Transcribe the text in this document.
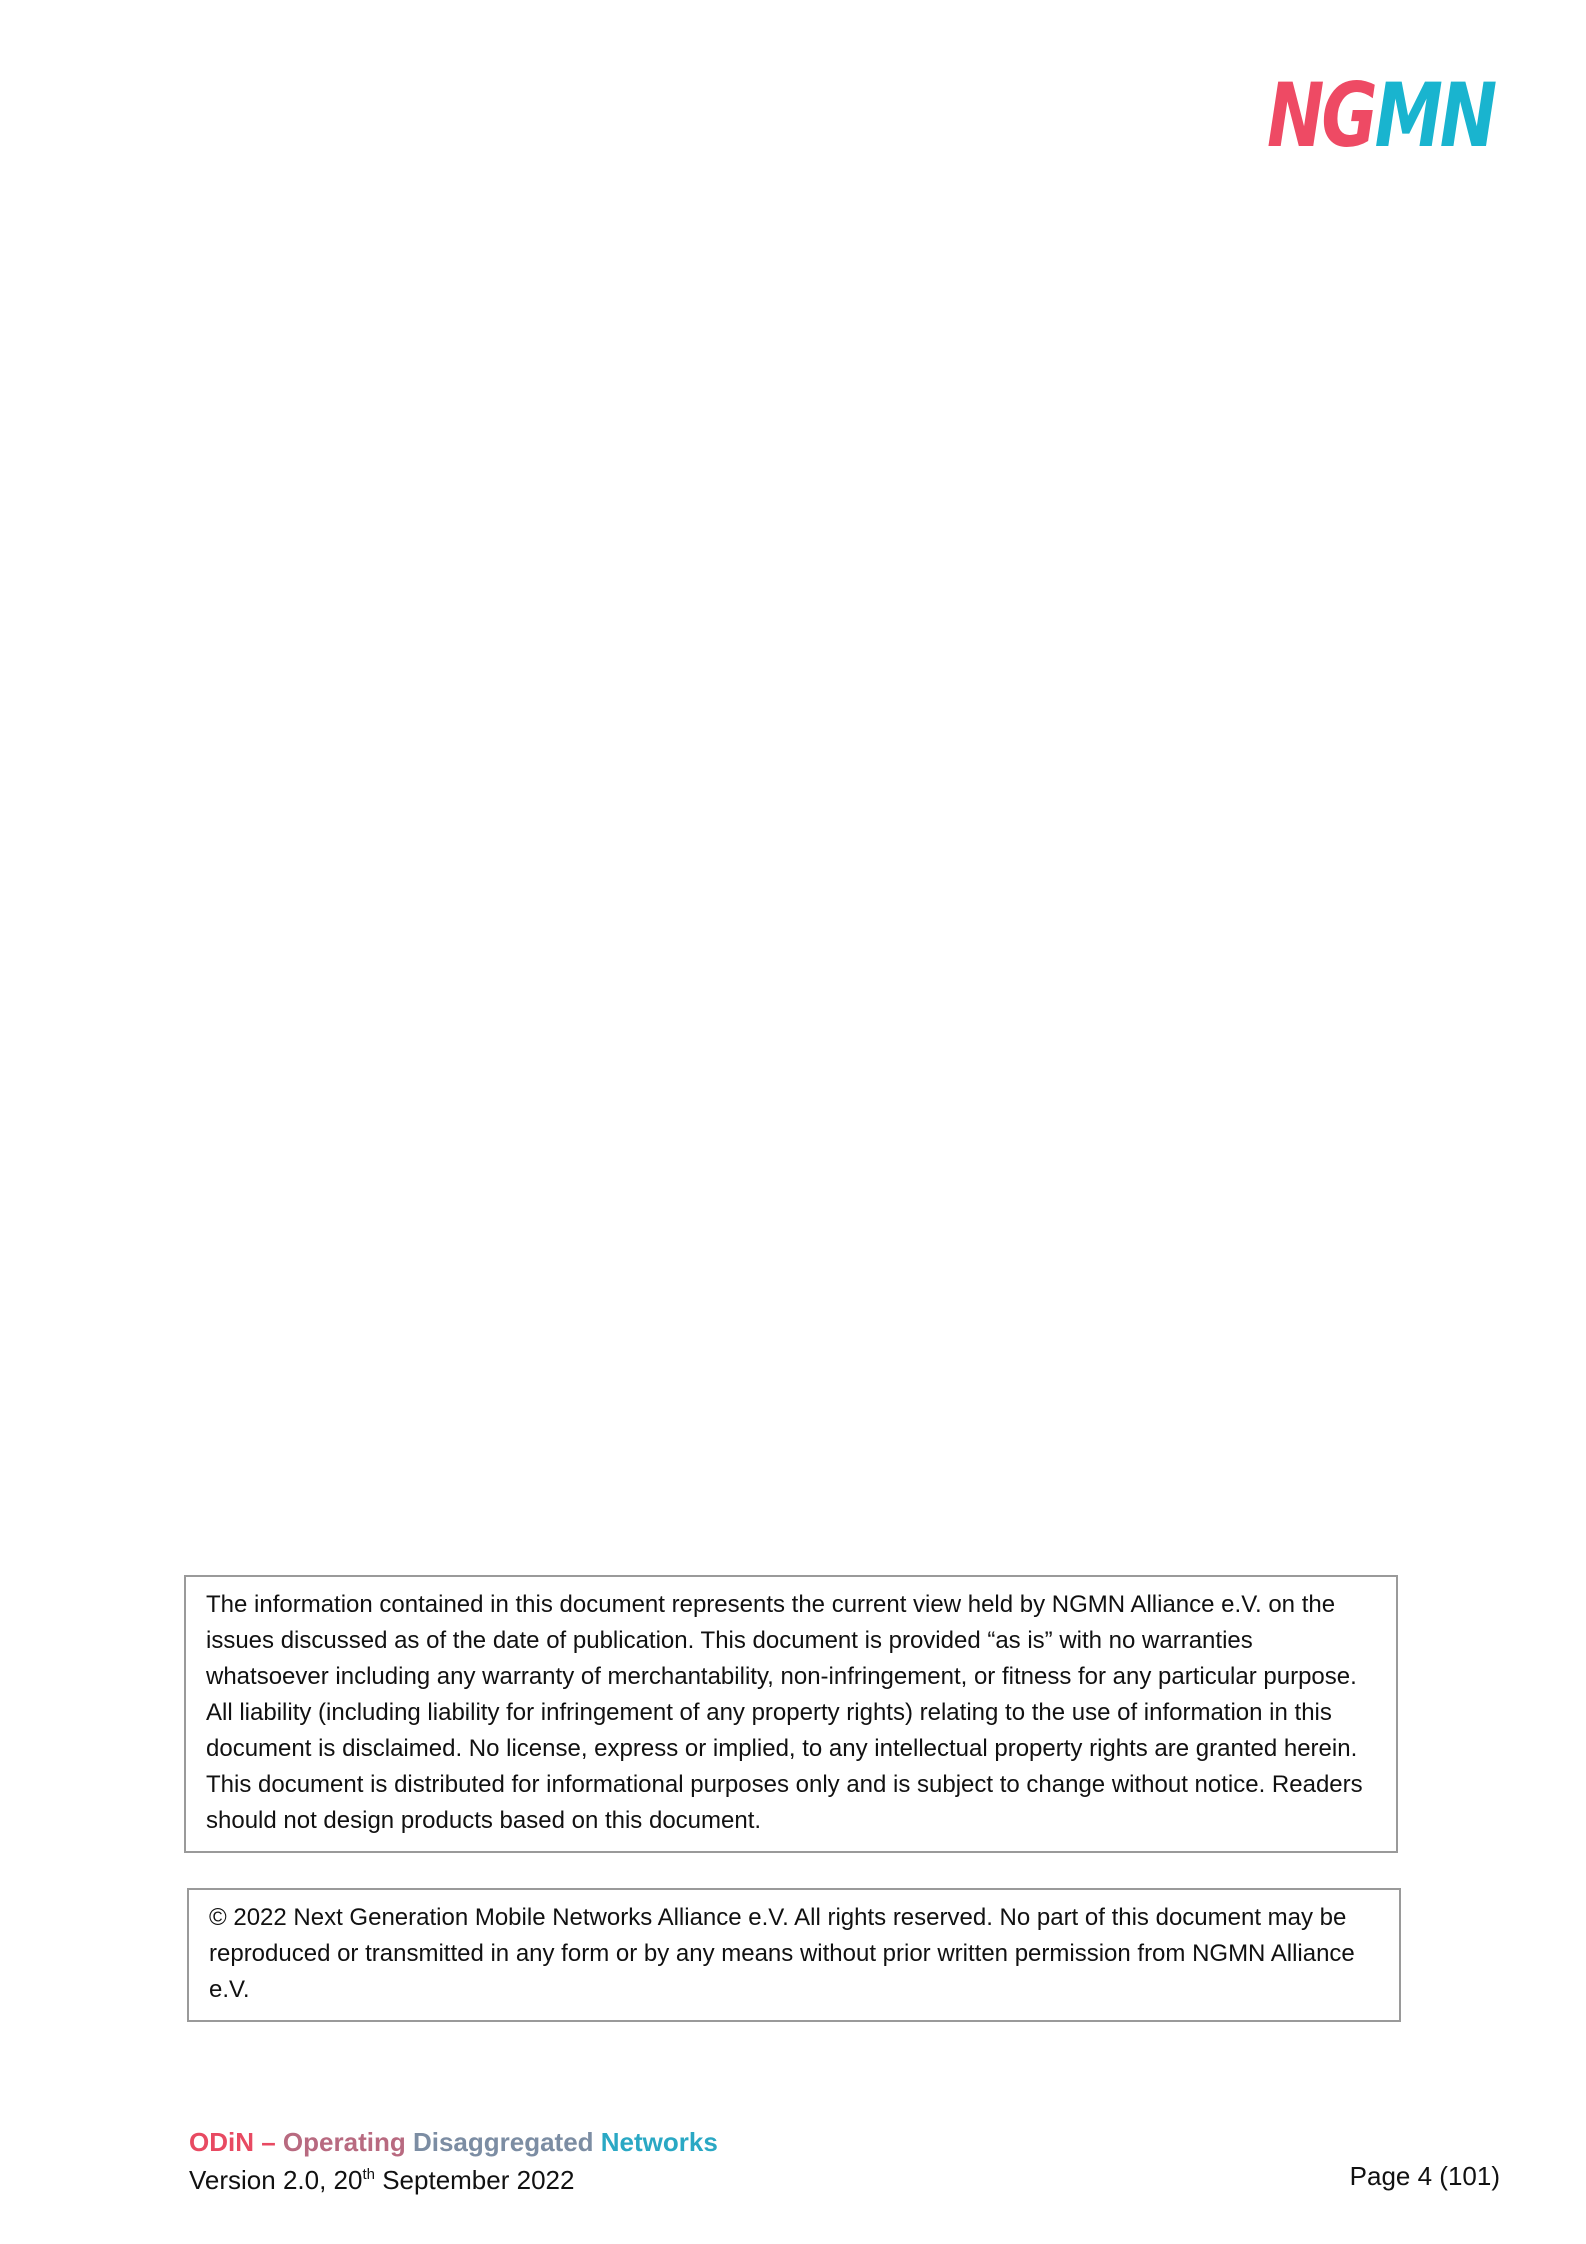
NGMN
The information contained in this document represents the current view held by NGMN Alliance e.V. on the issues discussed as of the date of publication. This document is provided “as is” with no warranties whatsoever including any warranty of merchantability, non-infringement, or fitness for any particular purpose. All liability (including liability for infringement of any property rights) relating to the use of information in this document is disclaimed. No license, express or implied, to any intellectual property rights are granted herein. This document is distributed for informational purposes only and is subject to change without notice. Readers should not design products based on this document.
© 2022 Next Generation Mobile Networks Alliance e.V. All rights reserved. No part of this document may be reproduced or transmitted in any form or by any means without prior written permission from NGMN Alliance e.V.
ODiN – Operating Disaggregated Networks
Version 2.0, 20th September 2022	Page 4 (101)
